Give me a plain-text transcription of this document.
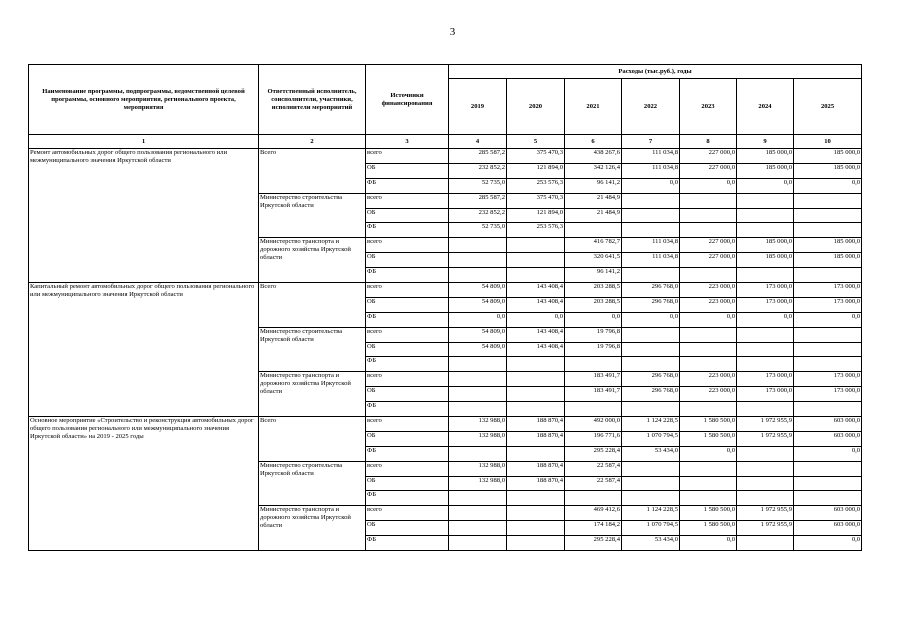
3
Наименование программы, подпрограммы, ведомственной целевой программы, основного мероприятия, регионального проекта, мероприятия	Ответственный исполнитель, соисполнители, участники, исполнители мероприятий	Источники финансирования	Расходы (тыс.руб.), годы						
			2019	2020	2021	2022	2023	2024	2025
1	2	3	4	5	6	7	8	9	10
Ремонт автомобильных дорог общего пользования регионального или межмуниципального значения Иркутской области	Всего	всего	285 587,2	375 470,3	438 267,6	111 034,8	227 000,0	185 000,0	185 000,0
		ОБ	232 852,2	121 894,0	342 126,4	111 034,8	227 000,0	185 000,0	185 000,0
		ФБ	52 735,0	253 576,3	96 141,2	0,0	0,0	0,0	0,0
	Министерство строительства Иркутской области	всего	285 587,2	375 470,3	21 484,9				
		ОБ	232 852,2	121 894,0	21 484,9				
		ФБ	52 735,0	253 576,3					
	Министерство транспорта и дорожного хозяйства Иркутской области	всего			416 782,7	111 034,8	227 000,0	185 000,0	185 000,0
		ОБ			320 641,5	111 034,8	227 000,0	185 000,0	185 000,0
		ФБ			96 141,2				
Капитальный ремонт автомобильных дорог общего пользования регионального или межмуниципального значения Иркутской области	Всего	всего	54 809,0	143 408,4	203 288,5	296 768,0	223 000,0	173 000,0	173 000,0
		ОБ	54 809,0	143 408,4	203 288,5	296 768,0	223 000,0	173 000,0	173 000,0
		ФБ	0,0	0,0	0,0	0,0	0,0	0,0	0,0
	Министерство строительства Иркутской области	всего	54 809,0	143 408,4	19 796,8				
		ОБ	54 809,0	143 408,4	19 796,8				
		ФБ							
	Министерство транспорта и дорожного хозяйства Иркутской области	всего			183 491,7	296 768,0	223 000,0	173 000,0	173 000,0
		ОБ			183 491,7	296 768,0	223 000,0	173 000,0	173 000,0
		ФБ							
Основное мероприятие «Строительство и реконструкция автомобильных дорог общего пользования регионального или межмуниципального значения Иркутской области» на 2019 - 2025 годы	Всего	всего	132 988,0	188 870,4	492 000,0	1 124 228,5	1 580 500,0	1 972 955,9	603 000,0
		ОБ	132 988,0	188 870,4	196 771,6	1 070 794,5	1 580 500,0	1 972 955,9	603 000,0
		ФБ			295 228,4	53 434,0	0,0		0,0
	Министерство строительства Иркутской области	всего	132 988,0	188 870,4	22 587,4				
		ОБ	132 988,0	188 870,4	22 587,4				
		ФБ							
	Министерство транспорта и дорожного хозяйства Иркутской области	всего			469 412,6	1 124 228,5	1 580 500,0	1 972 955,9	603 000,0
		ОБ			174 184,2	1 070 794,5	1 580 500,0	1 972 955,9	603 000,0
		ФБ			295 228,4	53 434,0	0,0		0,0
